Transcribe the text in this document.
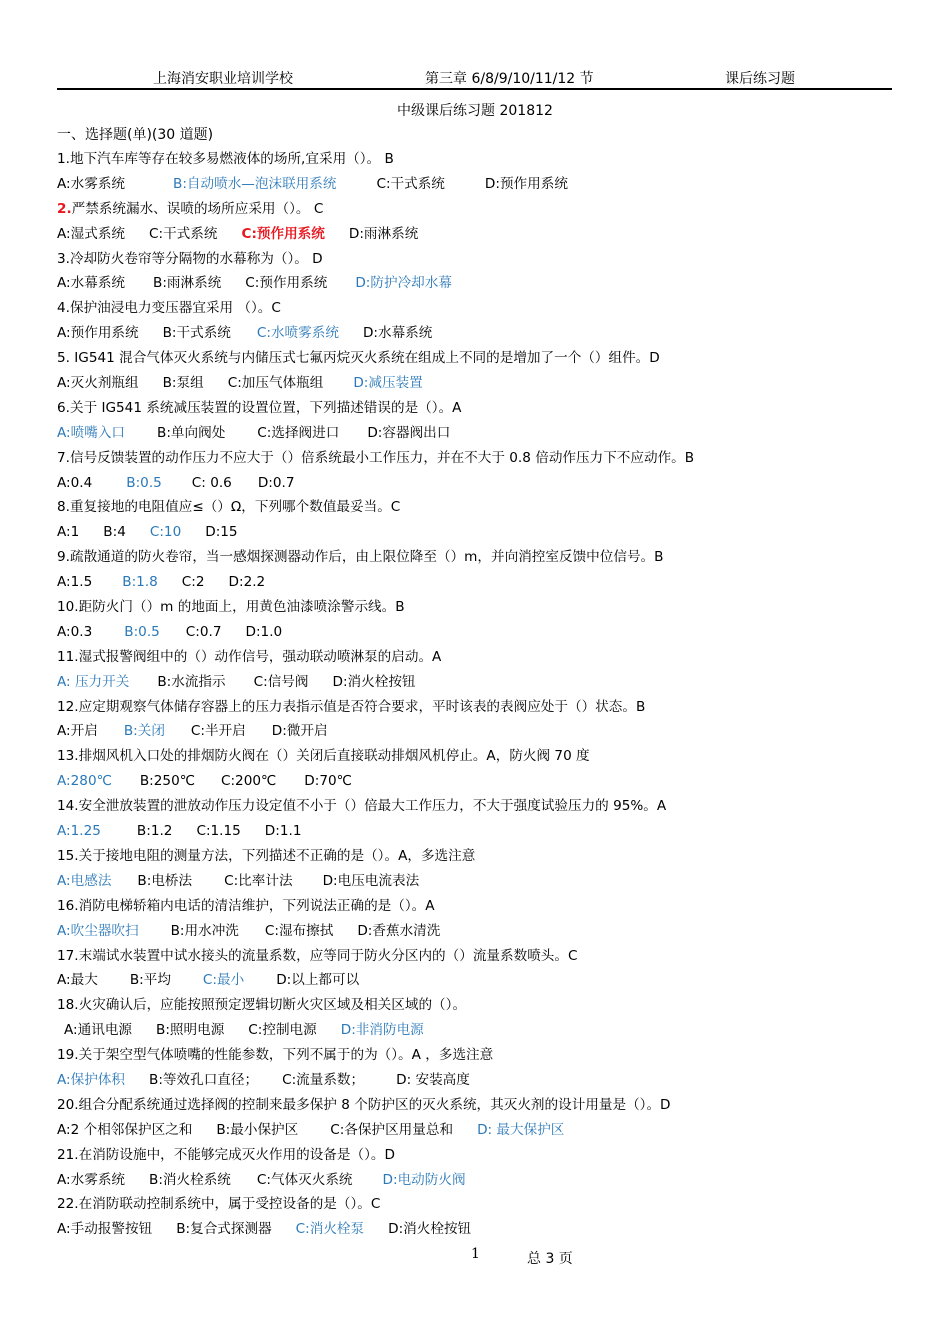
上海消安职业培训学校	第三章 6/8/9/10/11/12 节	课后练习题
中级课后练习题 201812
一、选择题(单)(30 道题)
1.地下汽车库等存在较多易燃液体的场所,宜采用（）。 B
A:水雾系统	B:自动喷水—泡沫联用系统	C:干式系统	D:预作用系统
2.严禁系统漏水、误喷的场所应采用（）。 C
A:湿式系统 C:干式系统 C:预作用系统 D:雨淋系统
3.冷却防火卷帘等分隔物的水幕称为（）。 D
A:水幕系统 B:雨淋系统 C:预作用系统 D:防护冷却水幕
4.保护油浸电力变压器宜采用 （）。C
A:预作用系统 B:干式系统 C:水喷雾系统 D:水幕系统
5. IG541 混合气体灭火系统与内储压式七氟丙烷灭火系统在组成上不同的是增加了一个（）组件。D
A:灭火剂瓶组 B:泵组 C:加压气体瓶组 D:减压装置
6.关于 IG541 系统减压装置的设置位置，下列描述错误的是（）。A
A:喷嘴入口 B:单向阀处 C:选择阀进口 D:容器阀出口
7.信号反馈装置的动作压力不应大于（）倍系统最小工作压力，并在不大于 0.8 倍动作压力下不应动作。B
A:0.4	B:0.5 C: 0.6 D:0.7
8.重复接地的电阻值应≤（）Ω，下列哪个数值最妥当。C
A:1 B:4 C:10 D:15
9.疏散通道的防火卷帘，当一感烟探测器动作后，由上限位降至（）m，并向消控室反馈中位信号。B
A:1.5 B:1.8 C:2 D:2.2
10.距防火门（）m 的地面上，用黄色油漆喷涂警示线。B
A:0.3 B:0.5 C:0.7 D:1.0
11.湿式报警阀组中的（）动作信号，强动联动喷淋泵的启动。A
A: 压力开关 B:水流指示 C:信号阀 D:消火栓按钮
12.应定期观察气体储存容器上的压力表指示值是否符合要求，平时该表的表阀应处于（）状态。B
A:开启 B:关闭 C:半开启 D:微开启
13.排烟风机入口处的排烟防火阀在（）关闭后直接联动排烟风机停止。A，防火阀 70 度
A:280℃ B:250℃ C:200℃ D:70℃
14.安全泄放装置的泄放动作压力设定值不小于（）倍最大工作压力，不大于强度试验压力的 95%。A
A:1.25	B:1.2 C:1.15 D:1.1
15.关于接地电阻的测量方法，下列描述不正确的是（）。A，多选注意
A:电感法 B:电桥法 C:比率计法 D:电压电流表法
16.消防电梯轿箱内电话的清洁维护，下列说法正确的是（）。A
A:吹尘器吹扫 B:用水冲洗 C:湿布擦拭 D:香蕉水清洗
17.末端试水装置中试水接头的流量系数，应等同于防火分区内的（）流量系数喷头。C
A:最大 B:平均 C:最小 D:以上都可以
18.火灾确认后，应能按照预定逻辑切断火灾区域及相关区域的（）。
A:通讯电源 B:照明电源 C:控制电源 D:非消防电源
19.关于架空型气体喷嘴的性能参数，下列不属于的为（）。A ，多选注意
A:保护体积 B:等效孔口直径； C:流量系数； D: 安装高度
20.组合分配系统通过选择阀的控制来最多保护 8 个防护区的灭火系统，其灭火剂的设计用量是（）。D
A:2 个相邻保护区之和 B:最小保护区 C:各保护区用量总和 D: 最大保护区
21.在消防设施中，不能够完成灭火作用的设备是（）。D
A:水雾系统 B:消火栓系统 C:气体灭火系统 D:电动防火阀
22.在消防联动控制系统中，属于受控设备的是（）。C
A:手动报警按钮 B:复合式探测器 C:消火栓泵 D:消火栓按钮
1	总 3 页
